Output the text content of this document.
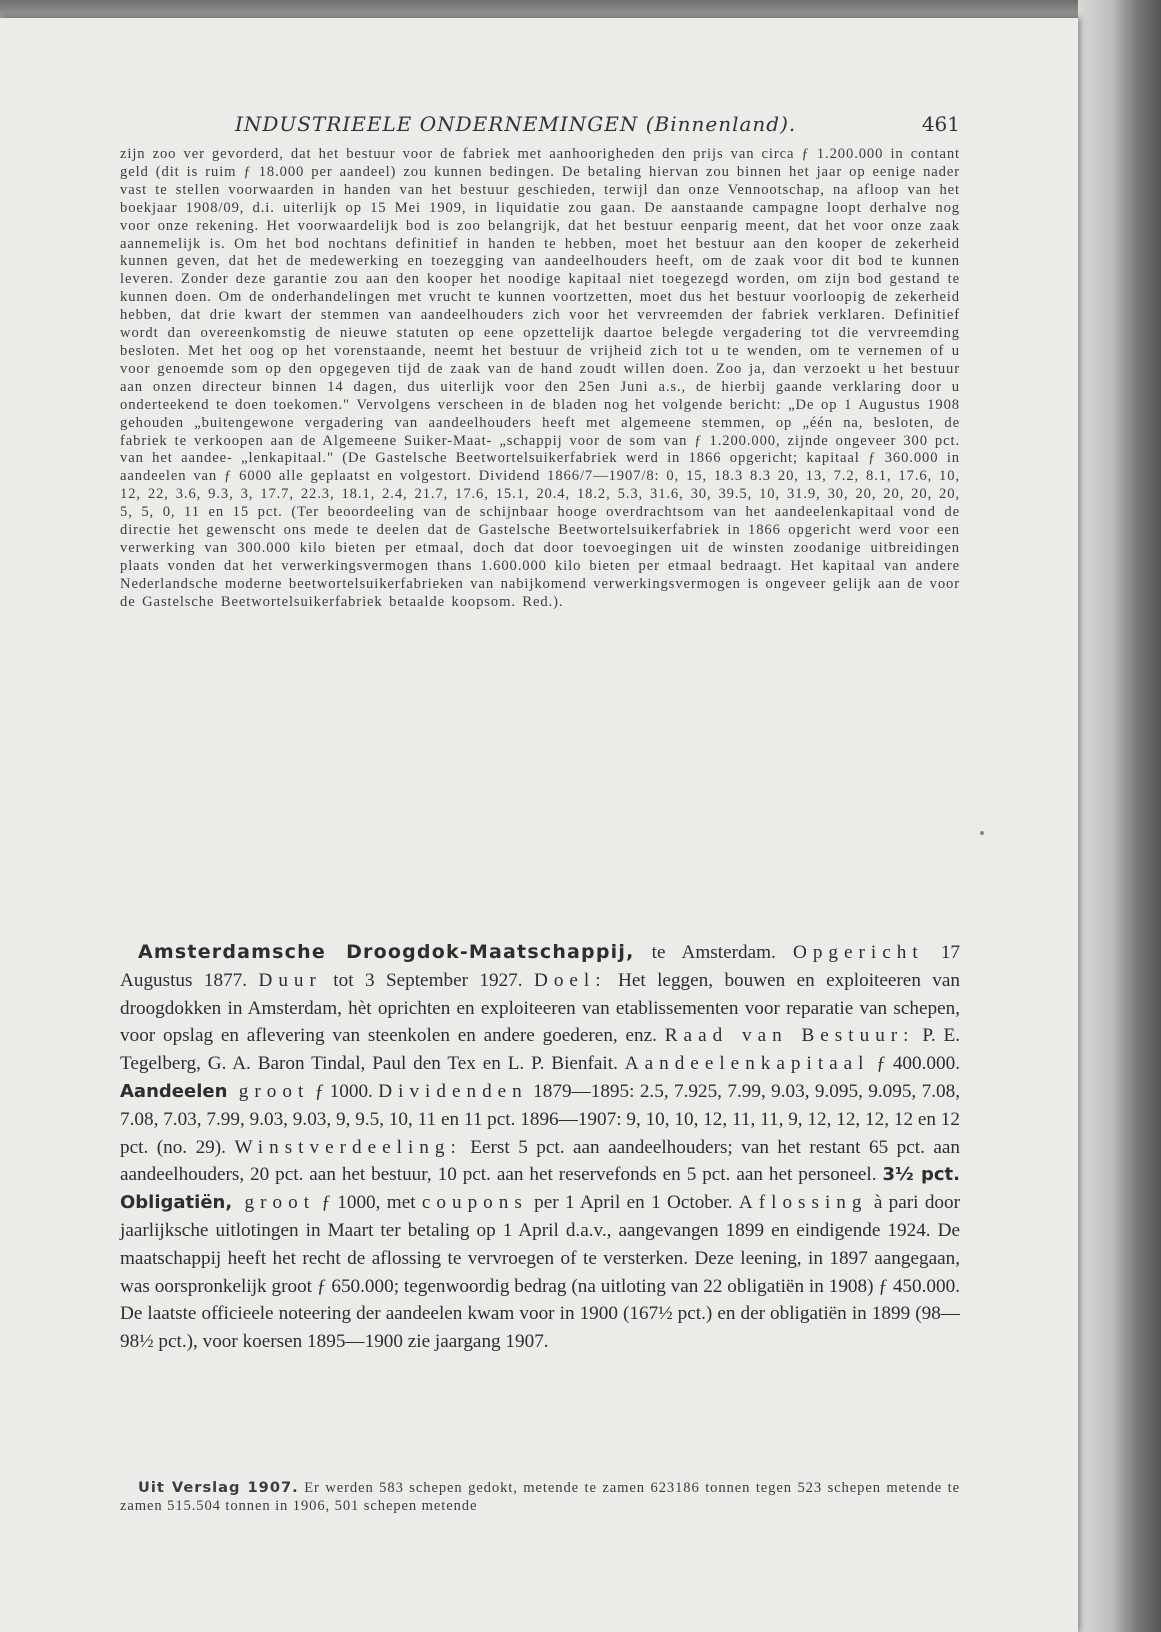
INDUSTRIEELE ONDERNEMINGEN (Binnenland).	461
zijn zoo ver gevorderd, dat het bestuur voor de fabriek met aanhoorigheden den prijs van circa ƒ 1.200.000 in contant geld (dit is ruim ƒ 18.000 per aandeel) zou kunnen bedingen. De betaling hiervan zou binnen het jaar op eenige nader vast te stellen voorwaarden in handen van het bestuur geschieden, terwijl dan onze Vennootschap, na afloop van het boekjaar 1908/09, d.i. uiterlijk op 15 Mei 1909, in liquidatie zou gaan. De aanstaande campagne loopt derhalve nog voor onze rekening. Het voorwaardelijk bod is zoo belangrijk, dat het bestuur eenparig meent, dat het voor onze zaak aannemelijk is. Om het bod nochtans definitief in handen te hebben, moet het bestuur aan den kooper de zekerheid kunnen geven, dat het de medewerking en toezegging van aandeelhouders heeft, om de zaak voor dit bod te kunnen leveren. Zonder deze garantie zou aan den kooper het noodige kapitaal niet toegezegd worden, om zijn bod gestand te kunnen doen. Om de onderhandelingen met vrucht te kunnen voortzetten, moet dus het bestuur voorloopig de zekerheid hebben, dat drie kwart der stemmen van aandeelhouders zich voor het vervreemden der fabriek verklaren. Definitief wordt dan overeenkomstig de nieuwe statuten op eene opzettelijk daartoe belegde vergadering tot die vervreemding besloten. Met het oog op het vorenstaande, neemt het bestuur de vrijheid zich tot u te wenden, om te vernemen of u voor genoemde som op den opgegeven tijd de zaak van de hand zoudt willen doen. Zoo ja, dan verzoekt u het bestuur aan onzen directeur binnen 14 dagen, dus uiterlijk voor den 25en Juni a.s., de hierbij gaande verklaring door u onderteekend te doen toekomen." Vervolgens verscheen in de bladen nog het volgende bericht: „De op 1 Augustus 1908 gehouden „buitengewone vergadering van aandeelhouders heeft met algemeene stemmen, op „één na, besloten, de fabriek te verkoopen aan de Algemeene Suiker-Maat- „schappij voor de som van ƒ 1.200.000, zijnde ongeveer 300 pct. van het aandee- „lenkapitaal." (De Gastelsche Beetwortelsuikerfabriek werd in 1866 opgericht; kapitaal ƒ 360.000 in aandeelen van ƒ 6000 alle geplaatst en volgestort. Dividend 1866/7—1907/8: 0, 15, 18.3 8.3 20, 13, 7.2, 8.1, 17.6, 10, 12, 22, 3.6, 9.3, 3, 17.7, 22.3, 18.1, 2.4, 21.7, 17.6, 15.1, 20.4, 18.2, 5.3, 31.6, 30, 39.5, 10, 31.9, 30, 20, 20, 20, 20, 5, 5, 0, 11 en 15 pct. (Ter beoordeeling van de schijnbaar hooge overdrachtsom van het aandeelenkapitaal vond de directie het gewenscht ons mede te deelen dat de Gastelsche Beetwortelsuikerfabriek in 1866 opgericht werd voor een verwerking van 300.000 kilo bieten per etmaal, doch dat door toevoegingen uit de winsten zoodanige uitbreidingen plaats vonden dat het verwerkingsvermogen thans 1.600.000 kilo bieten per etmaal bedraagt. Het kapitaal van andere Nederlandsche moderne beetwortelsuikerfabrieken van nabijkomend verwerkingsvermogen is ongeveer gelijk aan de voor de Gastelsche Beetwortelsuikerfabriek betaalde koopsom. Red.).
Amsterdamsche Droogdok-Maatschappij, te Amsterdam. Opgericht 17 Augustus 1877. Duur tot 3 September 1927. Doel: Het leggen, bouwen en exploiteeren van droogdokken in Amsterdam, hèt oprichten en exploiteeren van etablissementen voor reparatie van schepen, voor opslag en aflevering van steenkolen en andere goederen, enz. Raad van Bestuur: P. E. Tegelberg, G. A. Baron Tindal, Paul den Tex en L. P. Bienfait. Aandeelenkapitaal ƒ 400.000. Aandeelen groot ƒ 1000. Dividenden 1879—1895: 2.5, 7.925, 7.99, 9.03, 9.095, 9.095, 7.08, 7.08, 7.03, 7.99, 9.03, 9.03, 9, 9.5, 10, 11 en 11 pct. 1896—1907: 9, 10, 10, 12, 11, 11, 9, 12, 12, 12, 12 en 12 pct. (no. 29). Winstverdeeling: Eerst 5 pct. aan aandeelhouders; van het restant 65 pct. aan aandeelhouders, 20 pct. aan het bestuur, 10 pct. aan het reservefonds en 5 pct. aan het personeel. 3½ pct. Obligatiën, groot ƒ 1000, met coupons per 1 April en 1 October. Aflossing à pari door jaarlijksche uitlotingen in Maart ter betaling op 1 April d.a.v., aangevangen 1899 en eindigende 1924. De maatschappij heeft het recht de aflossing te vervroegen of te versterken. Deze leening, in 1897 aangegaan, was oorspronkelijk groot ƒ 650.000; tegenwoordig bedrag (na uitloting van 22 obligatiën in 1908) ƒ 450.000. De laatste officieele noteering der aandeelen kwam voor in 1900 (167½ pct.) en der obligatiën in 1899 (98—98½ pct.), voor koersen 1895—1900 zie jaargang 1907.
Uit Verslag 1907. Er werden 583 schepen gedokt, metende te zamen 623186 tonnen tegen 523 schepen metende te zamen 515.504 tonnen in 1906, 501 schepen metende
